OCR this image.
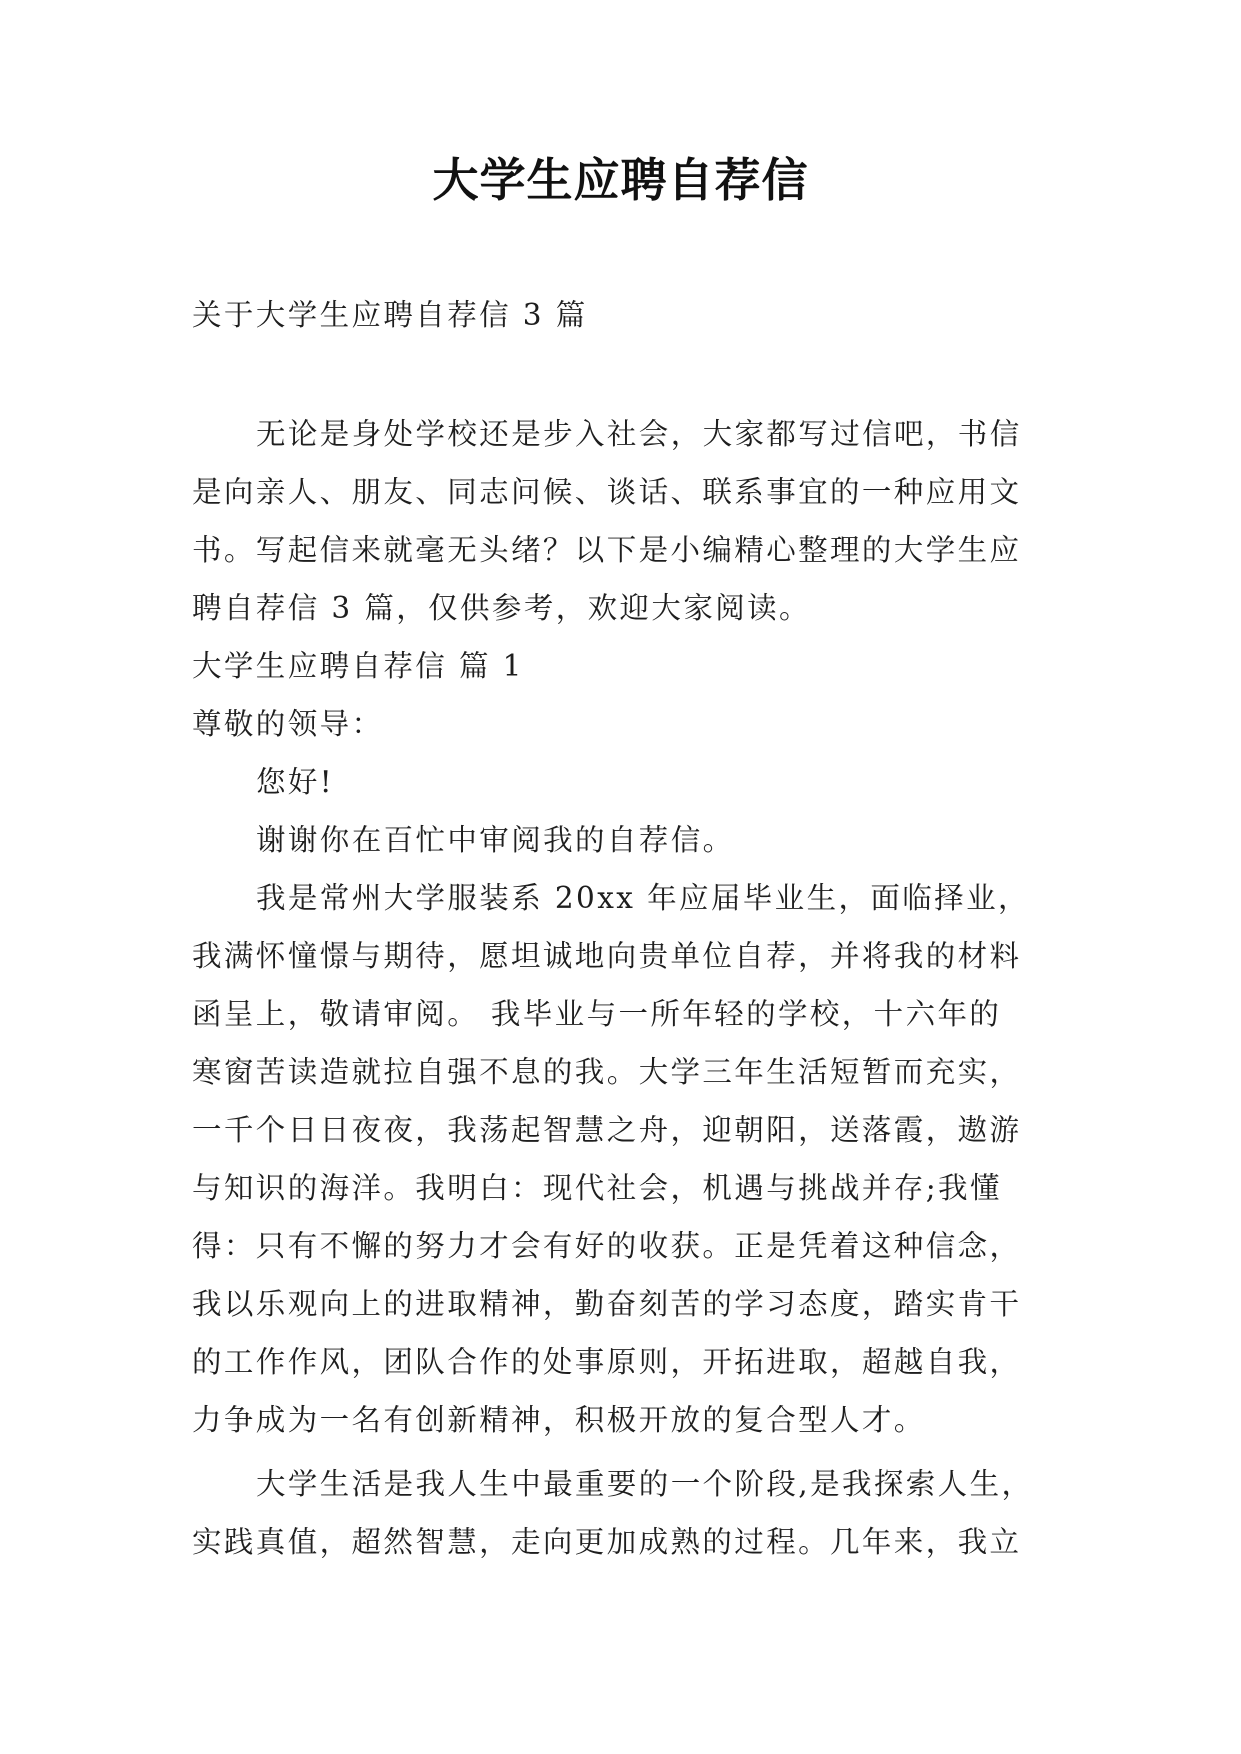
大学生应聘自荐信
关于大学生应聘自荐信 3 篇
无论是身处学校还是步入社会，大家都写过信吧，书信
是向亲人、朋友、同志问候、谈话、联系事宜的一种应用文
书。写起信来就毫无头绪？以下是小编精心整理的大学生应
聘自荐信 3 篇，仅供参考，欢迎大家阅读。
大学生应聘自荐信 篇 1
尊敬的领导：
您好!
谢谢你在百忙中审阅我的自荐信。
我是常州大学服装系 20xx 年应届毕业生，面临择业，
我满怀憧憬与期待，愿坦诚地向贵单位自荐，并将我的材料
函呈上，敬请审阅。 我毕业与一所年轻的学校，十六年的
寒窗苦读造就拉自强不息的我。大学三年生活短暂而充实，
一千个日日夜夜，我荡起智慧之舟，迎朝阳，送落霞，遨游
与知识的海洋。我明白：现代社会，机遇与挑战并存;我懂
得：只有不懈的努力才会有好的收获。正是凭着这种信念，
我以乐观向上的进取精神，勤奋刻苦的学习态度，踏实肯干
的工作作风，团队合作的处事原则，开拓进取，超越自我，
力争成为一名有创新精神，积极开放的复合型人才。
大学生活是我人生中最重要的一个阶段,是我探索人生，
实践真值，超然智慧，走向更加成熟的过程。几年来，我立
